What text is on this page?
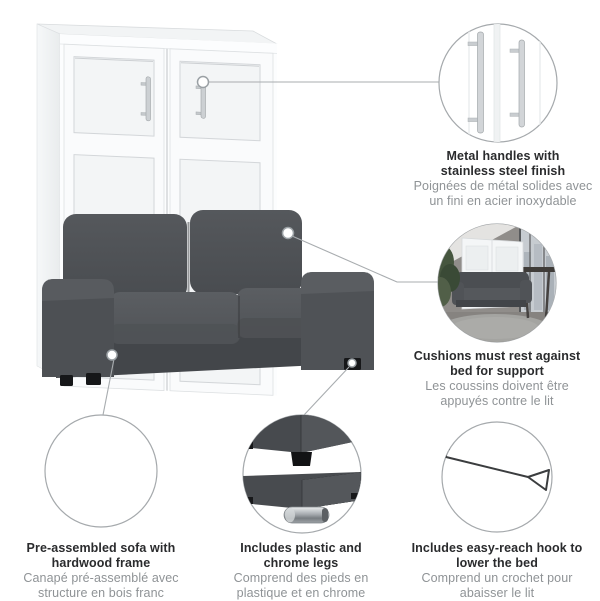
Metal handles with
stainless steel finish
Poignées de métal solides avec
un fini en acier inoxydable
Cushions must rest against
bed for support
Les coussins doivent être
appuyés contre le lit
Pre-assembled sofa with
hardwood frame
Canapé pré-assemblé avec
structure en bois franc
Includes plastic and
chrome legs
Comprend des pieds en
plastique et en chrome
Includes easy-reach hook to
lower the bed
Comprend un crochet pour
abaisser le lit
